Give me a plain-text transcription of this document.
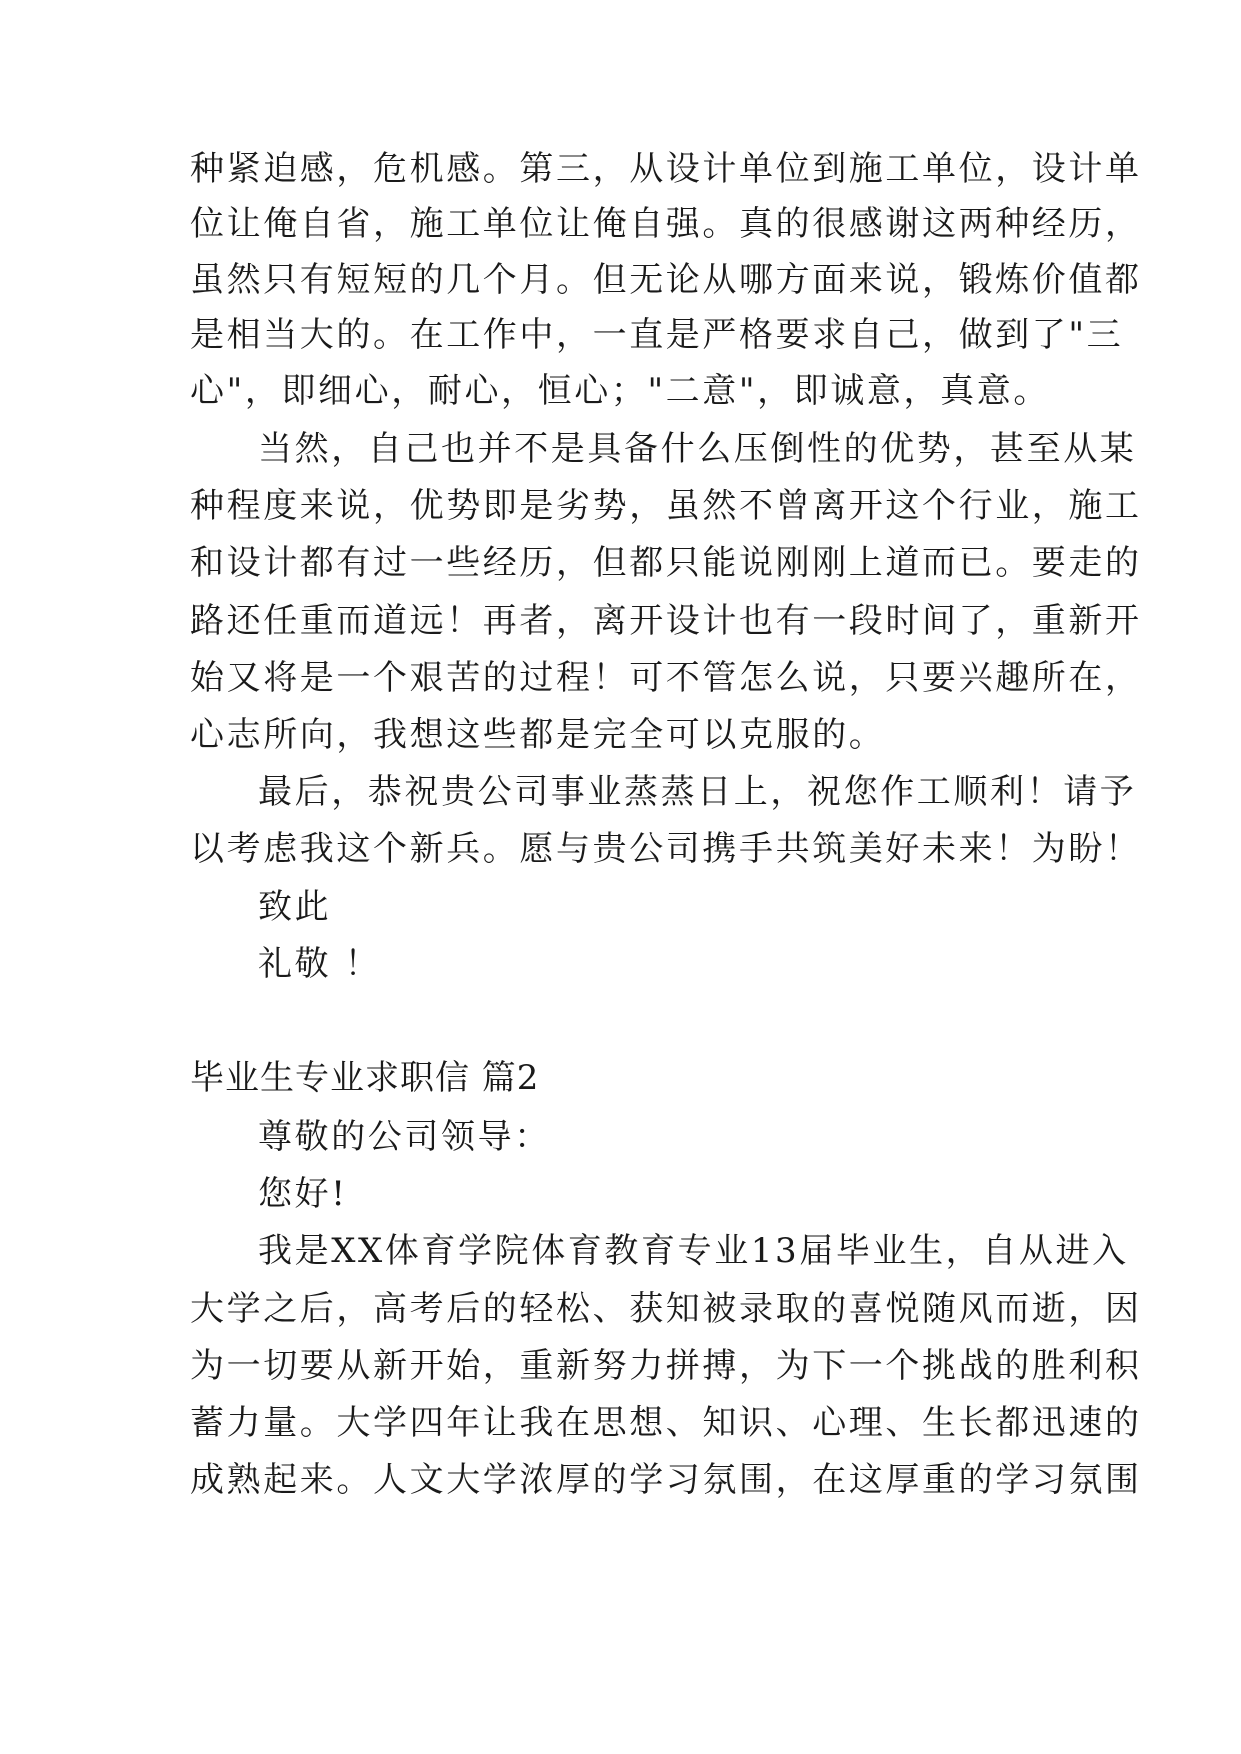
种紧迫感，危机感。第三，从设计单位到施工单位，设计单
位让俺自省，施工单位让俺自强。真的很感谢这两种经历，
虽然只有短短的几个月。但无论从哪方面来说，锻炼价值都
是相当大的。在工作中，一直是严格要求自己，做到了"三
心"，即细心，耐心，恒心；"二意"，即诚意，真意。
当然，自己也并不是具备什么压倒性的优势，甚至从某
种程度来说，优势即是劣势，虽然不曾离开这个行业，施工
和设计都有过一些经历，但都只能说刚刚上道而已。要走的
路还任重而道远！再者，离开设计也有一段时间了，重新开
始又将是一个艰苦的过程！可不管怎么说，只要兴趣所在，
心志所向，我想这些都是完全可以克服的。
最后，恭祝贵公司事业蒸蒸日上，祝您作工顺利！请予
以考虑我这个新兵。愿与贵公司携手共筑美好未来！为盼！
致此
礼敬 ！
毕业生专业求职信 篇2
尊敬的公司领导：
您好!
我是XX体育学院体育教育专业13届毕业生，自从进入
大学之后，高考后的轻松、获知被录取的喜悦随风而逝，因
为一切要从新开始，重新努力拼搏，为下一个挑战的胜利积
蓄力量。大学四年让我在思想、知识、心理、生长都迅速的
成熟起来。人文大学浓厚的学习氛围，在这厚重的学习氛围
